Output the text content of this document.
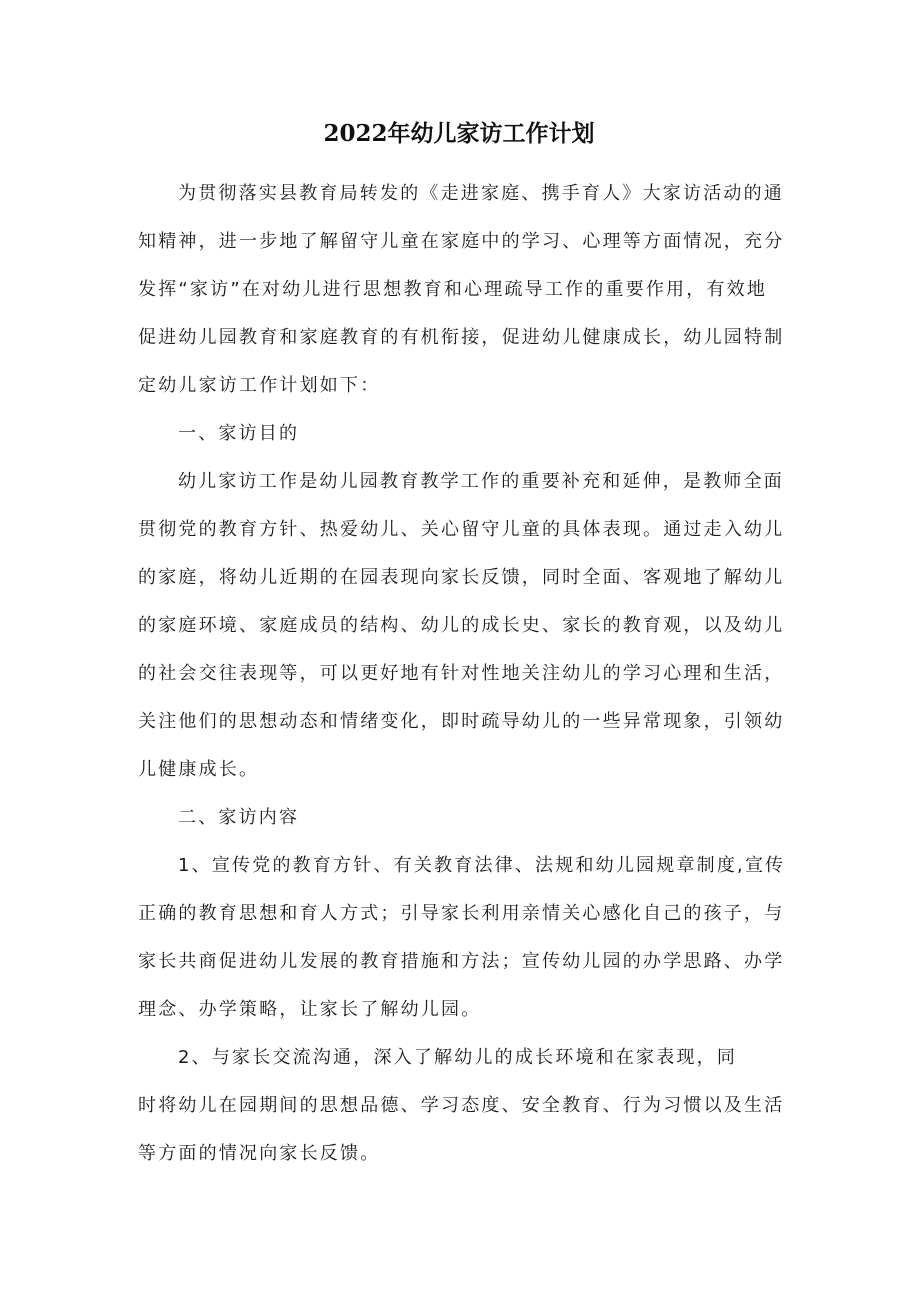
2022年幼儿家访工作计划

为贯彻落实县教育局转发的《走进家庭、携手育人》大家访活动的通
知精神，进一步地了解留守儿童在家庭中的学习、心理等方面情况，充分
发挥“家访”在对幼儿进行思想教育和心理疏导工作的重要作用，有效地
促进幼儿园教育和家庭教育的有机衔接，促进幼儿健康成长，幼儿园特制
定幼儿家访工作计划如下：

一、家访目的

幼儿家访工作是幼儿园教育教学工作的重要补充和延伸，是教师全面
贯彻党的教育方针、热爱幼儿、关心留守儿童的具体表现。通过走入幼儿
的家庭，将幼儿近期的在园表现向家长反馈，同时全面、客观地了解幼儿
的家庭环境、家庭成员的结构、幼儿的成长史、家长的教育观，以及幼儿
的社会交往表现等，可以更好地有针对性地关注幼儿的学习心理和生活，
关注他们的思想动态和情绪变化，即时疏导幼儿的一些异常现象，引领幼
儿健康成长。

二、家访内容

1、宣传党的教育方针、有关教育法律、法规和幼儿园规章制度,宣传
正确的教育思想和育人方式；引导家长利用亲情关心感化自己的孩子，与
家长共商促进幼儿发展的教育措施和方法；宣传幼儿园的办学思路、办学
理念、办学策略，让家长了解幼儿园。

2、与家长交流沟通，深入了解幼儿的成长环境和在家表现，同
时将幼儿在园期间的思想品德、学习态度、安全教育、行为习惯以及生活
等方面的情况向家长反馈。
